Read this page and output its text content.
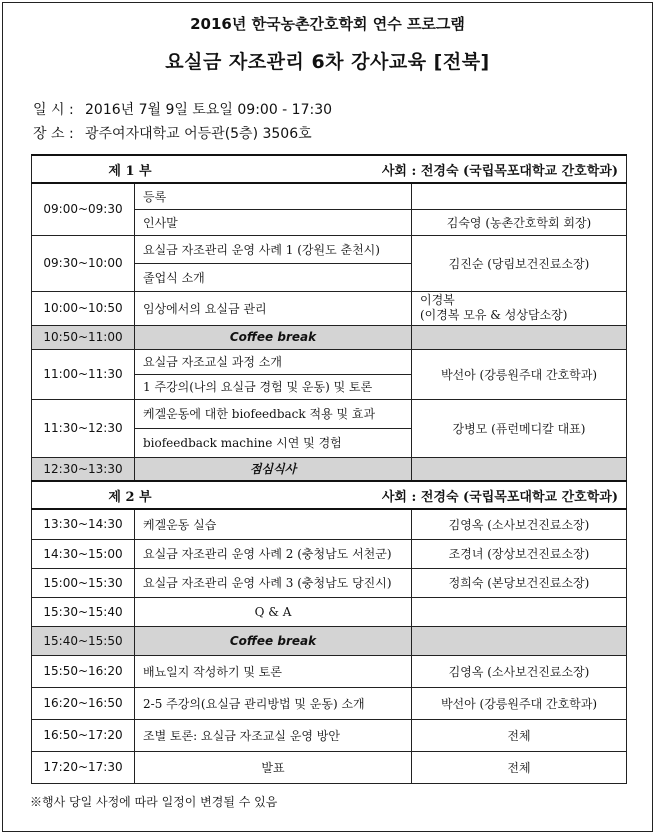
2016년 한국농촌간호학회 연수 프로그램
요실금 자조관리 6차 강사교육 [전북]
일 시 : 2016년 7월 9일 토요일 09:00 - 17:30
장 소 : 광주여자대학교 어등관(5층) 3506호
제 1 부 사회 : 전경숙 (국립목포대학교 간호학과)		

09:00~09:30	등록	
	인사말	김숙영 (농촌간호학회 회장)
09:30~10:00	요실금 자조관리 운영 사례 1 (강원도 춘천시)	김진순 (당림보건진료소장)
	졸업식 소개	
10:00~10:50	임상에서의 요실금 관리	이경복
(이경복 모유 & 성상담소장)

10:50~11:00	Coffee break	
11:00~11:30	요실금 자조교실 과정 소개	박선아 (강릉원주대 간호학과)
	1 주강의(나의 요실금 경험 및 운동) 및 토론	
11:30~12:30	케겔운동에 대한 biofeedback 적용 및 효과	강병모 (퓨런메디칼 대표)
	biofeedback machine 시연 및 경험	
12:30~13:30	점심식사	
제 2 부 사회 : 전경숙 (국립목포대학교 간호학과)		

13:30~14:30	케겔운동 실습	김영옥 (소사보건진료소장)
14:30~15:00	요실금 자조관리 운영 사례 2 (충청남도 서천군)	조경녀 (장상보건진료소장)
15:00~15:30	요실금 자조관리 운영 사례 3 (충청남도 당진시)	정희숙 (본당보건진료소장)
15:30~15:40	Q & A	
15:40~15:50	Coffee break	
15:50~16:20	배뇨일지 작성하기 및 토론	김영옥 (소사보건진료소장)
16:20~16:50	2-5 주강의(요실금 관리방법 및 운동) 소개	박선아 (강릉원주대 간호학과)
16:50~17:20	조별 토론: 요실금 자조교실 운영 방안	전체
17:20~17:30	발표	전체
※행사 당일 사정에 따라 일정이 변경될 수 있음
